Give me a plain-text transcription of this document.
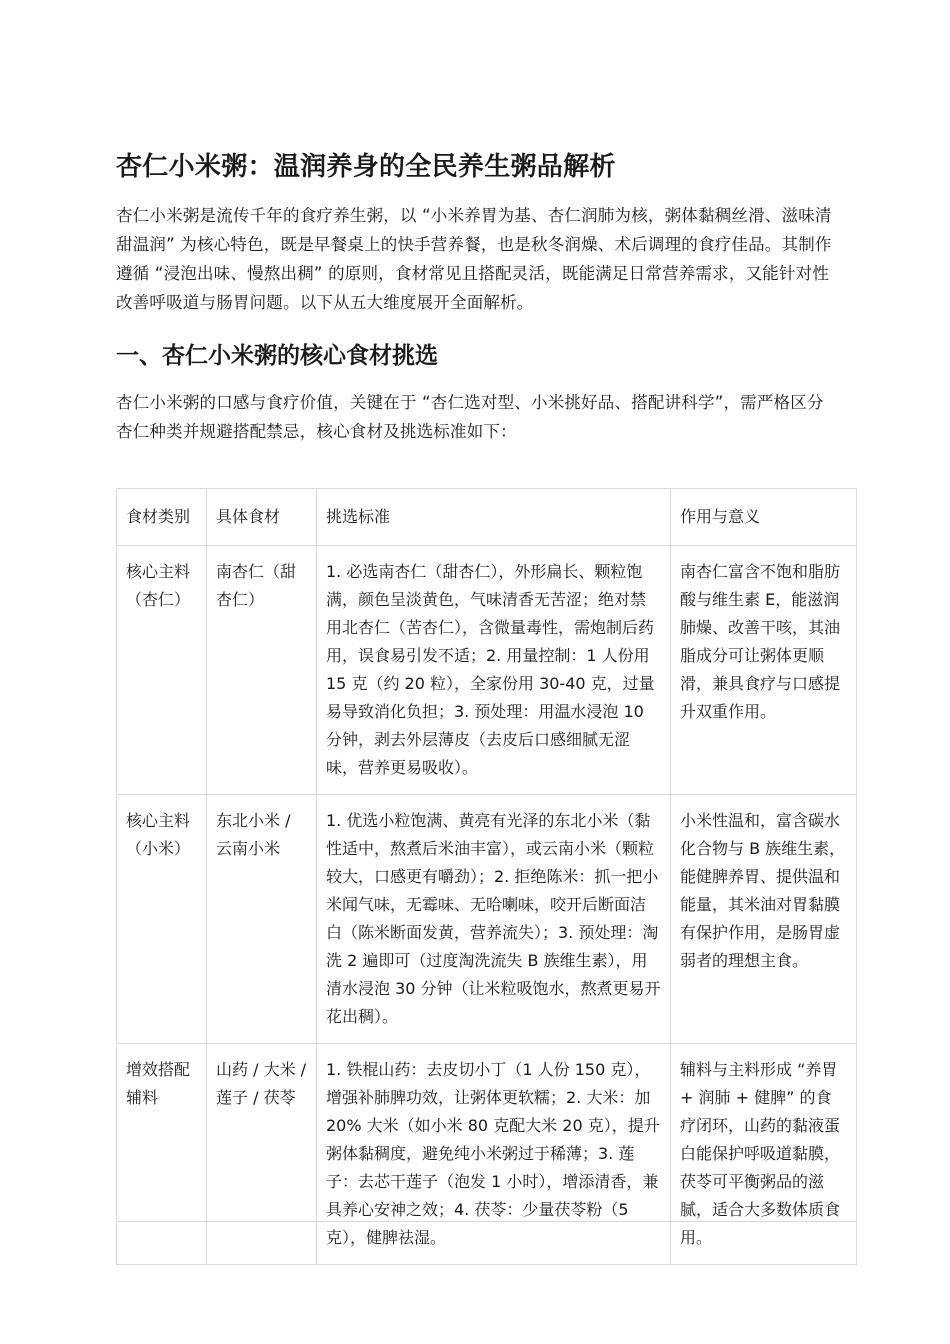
杏仁小米粥：温润养身的全民养生粥品解析

杏仁小米粥是流传千年的食疗养生粥，以 “小米养胃为基、杏仁润肺为核，粥体黏稠丝滑、滋味清甜温润” 为核心特色，既是早餐桌上的快手营养餐，也是秋冬润燥、术后调理的食疗佳品。其制作遵循 “浸泡出味、慢熬出稠” 的原则，食材常见且搭配灵活，既能满足日常营养需求，又能针对性改善呼吸道与肠胃问题。以下从五大维度展开全面解析。

一、杏仁小米粥的核心食材挑选

杏仁小米粥的口感与食疗价值，关键在于 “杏仁选对型、小米挑好品、搭配讲科学”，需严格区分杏仁种类并规避搭配禁忌，核心食材及挑选标准如下：

食材类别	具体食材	挑选标准	作用与意义
核心主料（杏仁）	南杏仁（甜杏仁）	1. 必选南杏仁（甜杏仁），外形扁长、颗粒饱满，颜色呈淡黄色，气味清香无苦涩；绝对禁用北杏仁（苦杏仁），含微量毒性，需炮制后药用，误食易引发不适；2. 用量控制：1 人份用 15 克（约 20 粒），全家份用 30-40 克，过量易导致消化负担；3. 预处理：用温水浸泡 10 分钟，剥去外层薄皮（去皮后口感细腻无涩味，营养更易吸收）。	南杏仁富含不饱和脂肪酸与维生素 E，能滋润肺燥、改善干咳，其油脂成分可让粥体更顺滑，兼具食疗与口感提升双重作用。
核心主料（小米）	东北小米 / 云南小米	1. 优选小粒饱满、黄亮有光泽的东北小米（黏性适中，熬煮后米油丰富），或云南小米（颗粒较大，口感更有嚼劲）；2. 拒绝陈米：抓一把小米闻气味，无霉味、无哈喇味，咬开后断面洁白（陈米断面发黄，营养流失）；3. 预处理：淘洗 2 遍即可（过度淘洗流失 B 族维生素），用清水浸泡 30 分钟（让米粒吸饱水，熬煮更易开花出稠）。	小米性温和，富含碳水化合物与 B 族维生素，能健脾养胃、提供温和能量，其米油对胃黏膜有保护作用，是肠胃虚弱者的理想主食。
增效搭配辅料	山药 / 大米 / 莲子 / 茯苓	1. 铁棍山药：去皮切小丁（1 人份 150 克），增强补肺脾功效，让粥体更软糯；2. 大米：加 20% 大米（如小米 80 克配大米 20 克），提升粥体黏稠度，避免纯小米粥过于稀薄；3. 莲子：去芯干莲子（泡发 1 小时），增添清香，兼具养心安神之效；4. 茯苓：少量茯苓粉（5 克），健脾祛湿。	辅料与主料形成 “养胃 + 润肺 + 健脾” 的食疗闭环，山药的黏液蛋白能保护呼吸道黏膜，茯苓可平衡粥品的滋腻，适合大多数体质食用。
